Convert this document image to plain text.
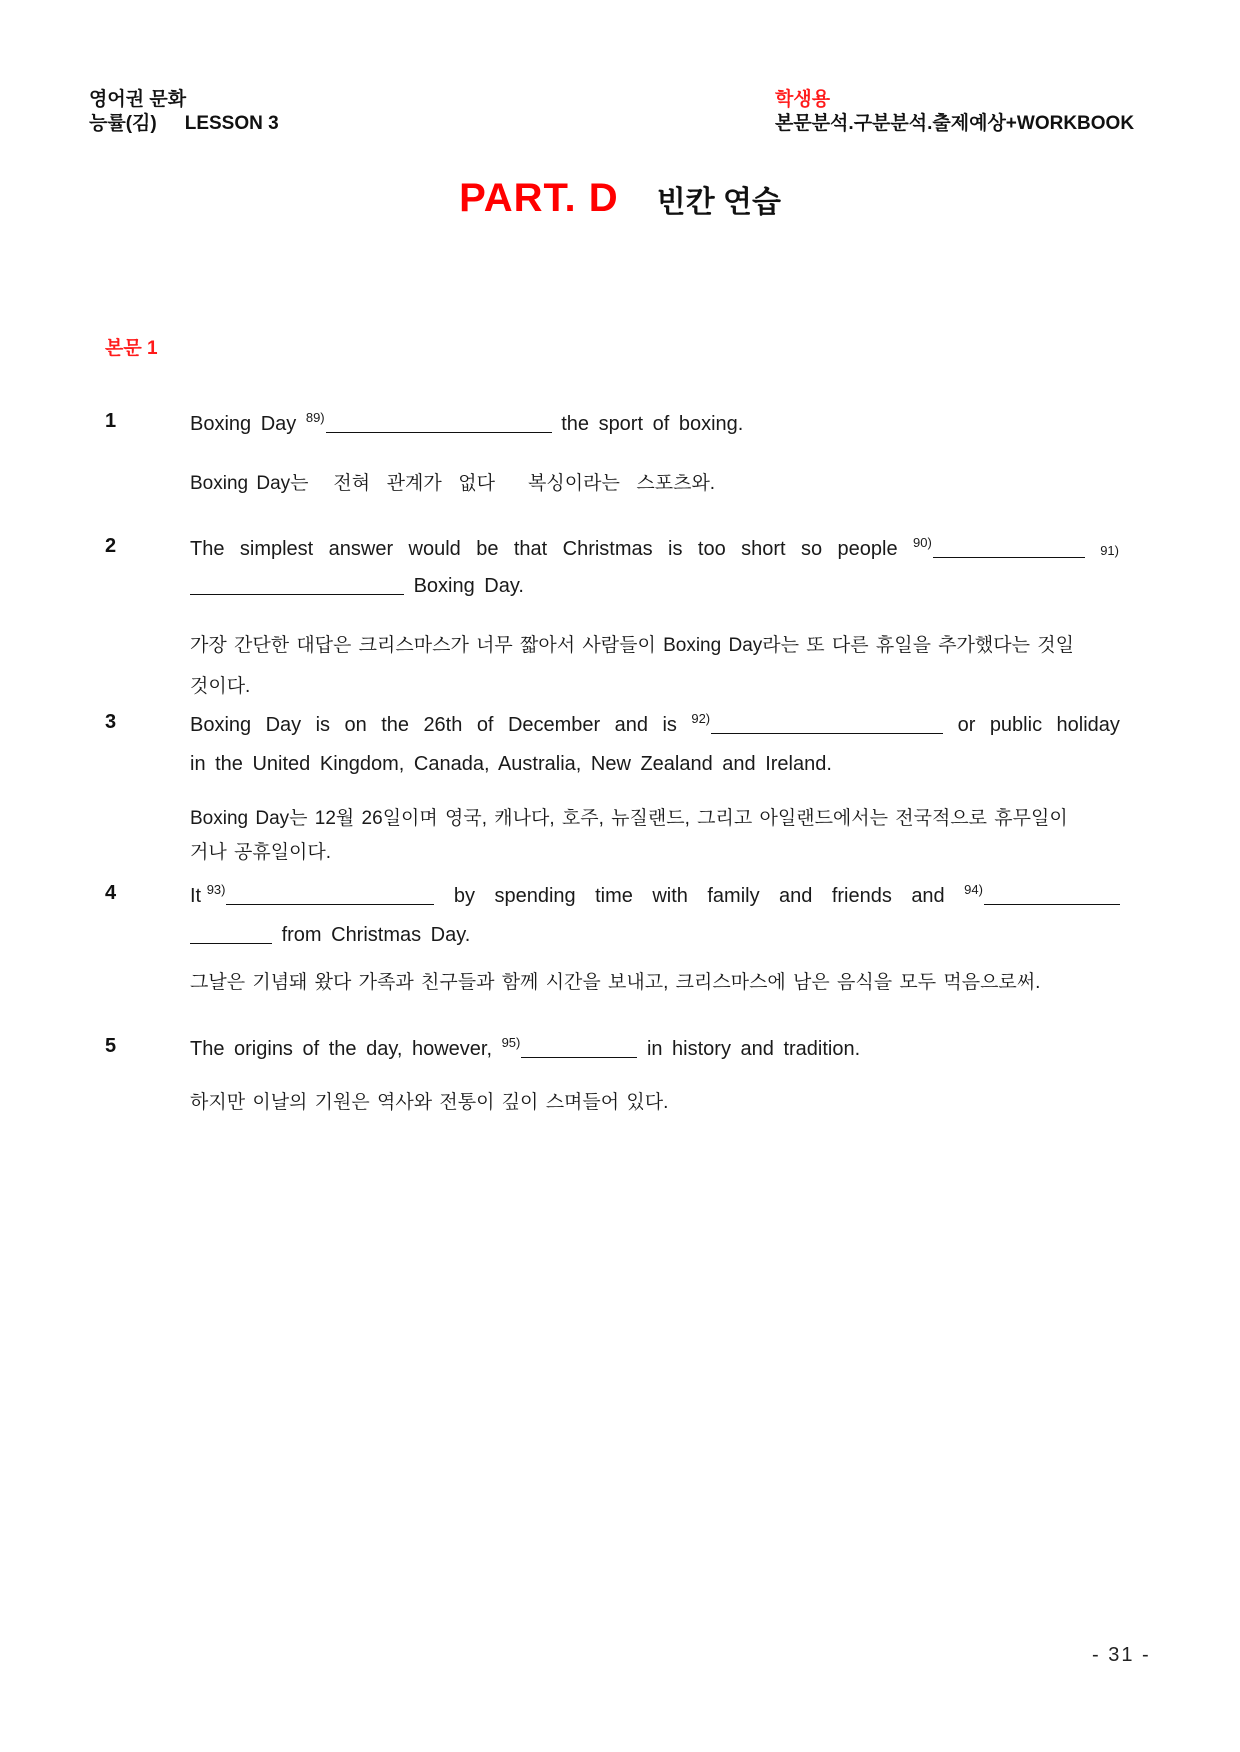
영어권 문화
능률(김) LESSON 3
학생용
본문분석.구분분석.출제예상+WORKBOOK
PART. D 빈칸 연습
본문 1
1	Boxing Day $^{89)}$	the sport of boxing.
Boxing Day는   전혀  관계가  없다    복싱이라는  스포츠와.
2	The simplest answer would be that Christmas is too short so people $^{90)}$
91)
Boxing Day.
가장 간단한 대답은 크리스마스가 너무 짧아서 사람들이 Boxing Day라는 또 다른 휴일을 추가했다는 것일
것이다.
3	Boxing Day is on the 26th of December and is $^{92)}$	or public holiday
in the United Kingdom, Canada, Australia, New Zealand and Ireland.
Boxing Day는 12월 26일이며 영국, 캐나다, 호주, 뉴질랜드, 그리고 아일랜드에서는 전국적으로 휴무일이
거나 공휴일이다.
4	It $^{93)}$	by spending time with family and friends and $^{94)}$
from Christmas Day.
그날은 기념돼 왔다 가족과 친구들과 함께 시간을 보내고, 크리스마스에 남은 음식을 모두 먹음으로써.
5	The origins of the day, however, $^{95)}$	in history and tradition.
하지만 이날의 기원은 역사와 전통이 깊이 스며들어 있다.
- 31 -
